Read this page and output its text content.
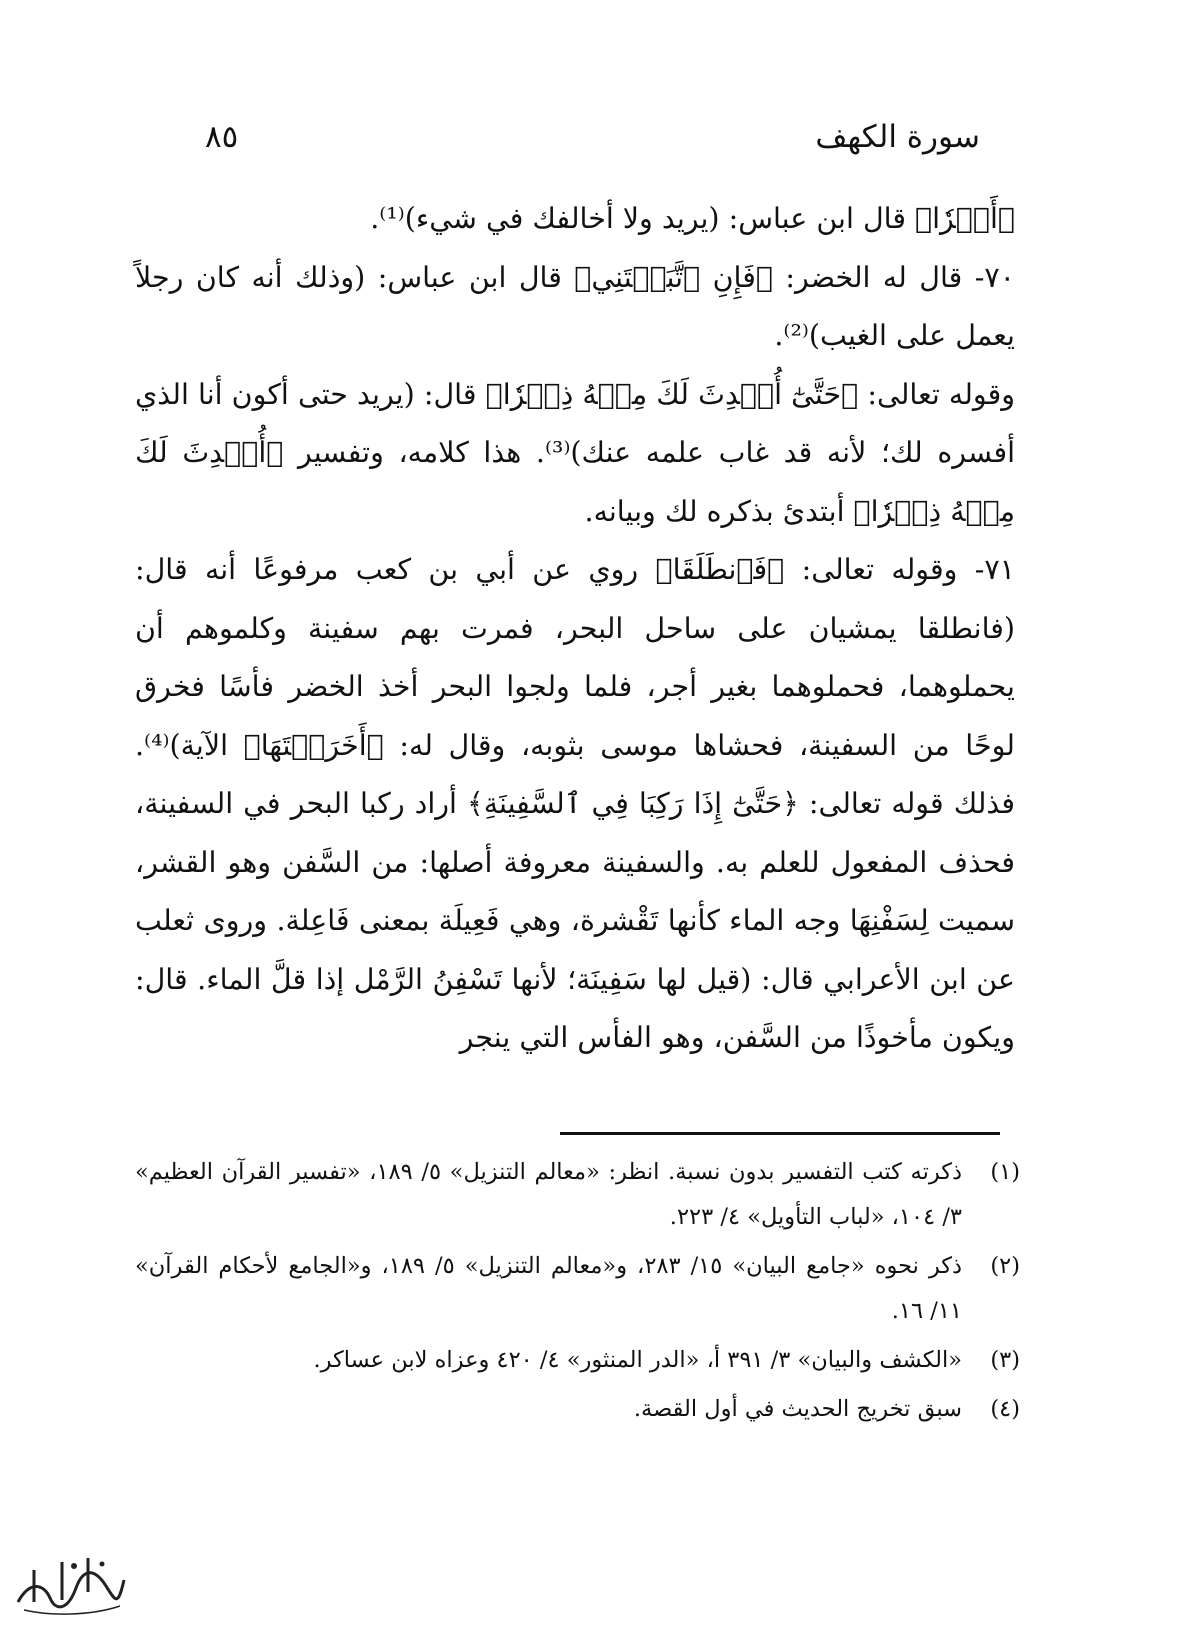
سورة الكهف
٨٥

﴿أَمۡرٗا﴾ قال ابن عباس: (يريد ولا أخالفك في شيء)⁽¹⁾.

٧٠- قال له الخضر: ﴿فَإِنِ ٱتَّبَعۡتَنِي﴾ قال ابن عباس: (وذلك أنه كان رجلاً يعمل على الغيب)⁽²⁾.

وقوله تعالى: ﴿حَتَّىٰٓ أُحۡدِثَ لَكَ مِنۡهُ ذِكۡرٗا﴾ قال: (يريد حتى أكون أنا الذي أفسره لك؛ لأنه قد غاب علمه عنك)⁽³⁾. هذا كلامه، وتفسير ﴿أُحۡدِثَ لَكَ مِنۡهُ ذِكۡرٗا﴾ أبتدئ بذكره لك وبيانه.

٧١- وقوله تعالى: ﴿فَٱنطَلَقَا﴾ روي عن أبي بن كعب مرفوعًا أنه قال: (فانطلقا يمشيان على ساحل البحر، فمرت بهم سفينة وكلموهم أن يحملوهما، فحملوهما بغير أجر، فلما ولجوا البحر أخذ الخضر فأسًا فخرق لوحًا من السفينة، فحشاها موسى بثوبه، وقال له: ﴿أَخَرَقۡتَهَا﴾ الآية)⁽⁴⁾. فذلك قوله تعالى: ﴿حَتَّىٰٓ إِذَا رَكِبَا فِي ٱلسَّفِينَةِ﴾ أراد ركبا البحر في السفينة، فحذف المفعول للعلم به. والسفينة معروفة أصلها: من السَّفن وهو القشر، سميت لِسَفْنِهَا وجه الماء كأنها تَقْشرة، وهي فَعِيلَة بمعنى فَاعِلة. وروى ثعلب عن ابن الأعرابي قال: (قيل لها سَفِينَة؛ لأنها تَسْفِنُ الرَّمْل إذا قلَّ الماء. قال: ويكون مأخوذًا من السَّفن، وهو الفأس التي ينجر

(١)
ذكرته كتب التفسير بدون نسبة. انظر: «معالم التنزيل» ٥/ ١٨٩، «تفسير القرآن العظيم» ٣/ ١٠٤، «لباب التأويل» ٤/ ٢٢٣.
(٢)
ذكر نحوه «جامع البيان» ١٥/ ٢٨٣، و«معالم التنزيل» ٥/ ١٨٩، و«الجامع لأحكام القرآن» ١١/ ١٦.
(٣)
«الكشف والبيان» ٣/ ٣٩١ أ، «الدر المنثور» ٤/ ٤٢٠ وعزاه لابن عساكر.
(٤)
سبق تخريج الحديث في أول القصة.
